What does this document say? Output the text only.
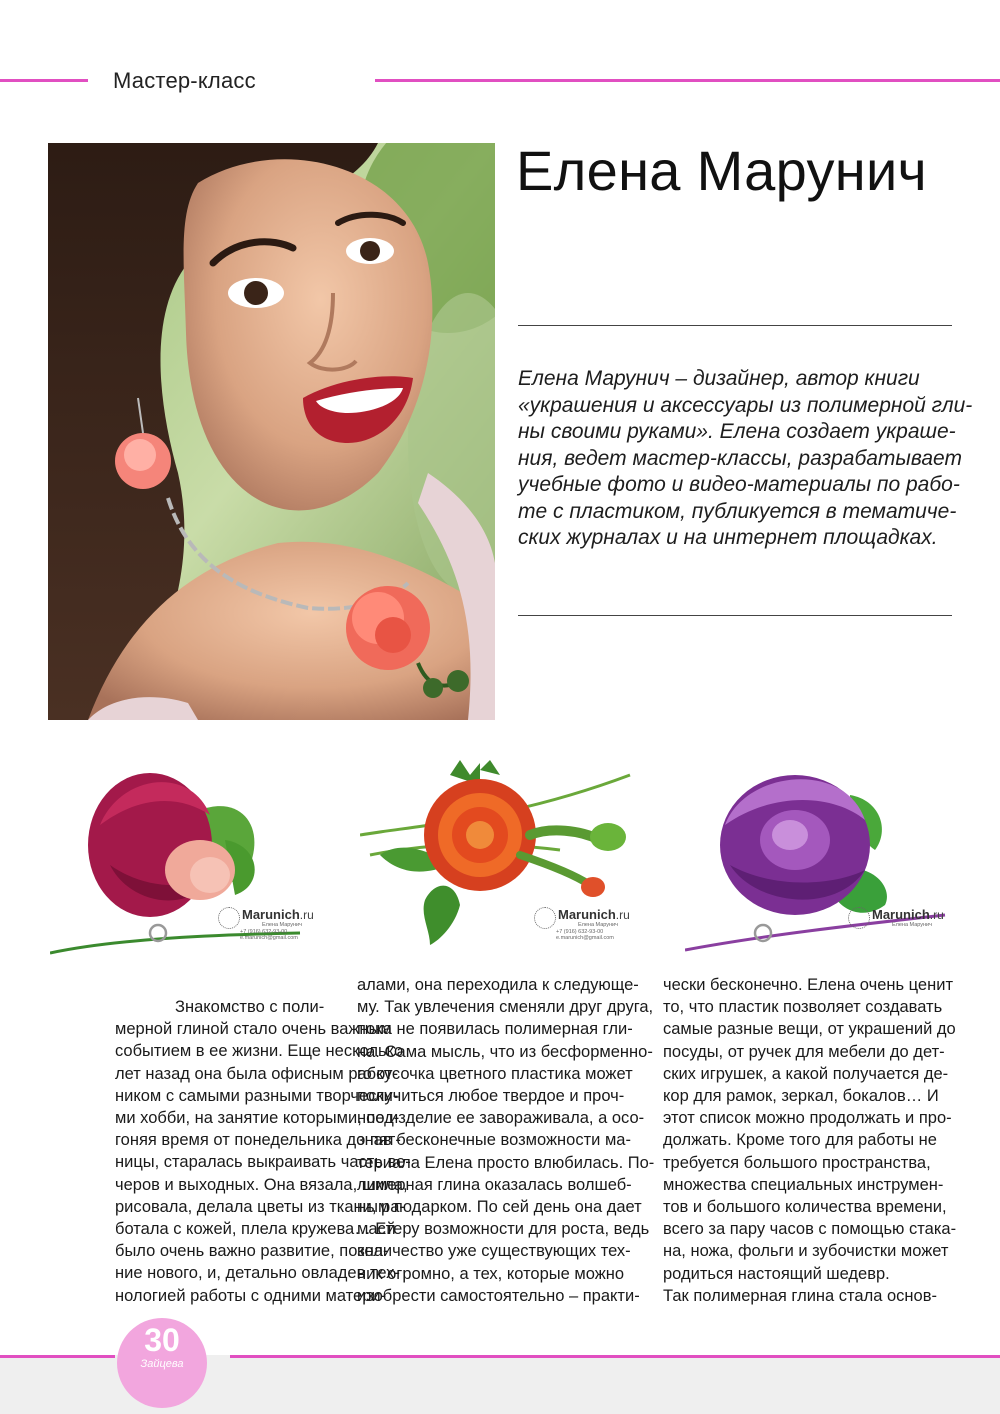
Мастер-класс
Елена Марунич
Елена Марунич – дизайнер, автор книги
«украшения и аксессуары из полимерной гли-
ны своими руками». Елена создает украше-
ния, ведет мастер-классы, разрабатывает
учебные фото и видео-материалы по рабо-
те с пластиком, публикуется в тематиче-
ских журналах и на интернет площадках.
Marunich.ru
Елена Марунич
+7 (916) 632-93-00
e.marunich@gmail.com
Marunich.ru
Елена Марунич
+7 (916) 632-93-00
e.marunich@gmail.com
Marunich.ru
Елена Марунич
Знакомство с поли-
мерной глиной стало очень важным
событием в ее жизни. Еще несколько
лет назад она была офисным работ-
ником с самыми разными творчески-
ми хобби, на занятие которыми, под-
гоняя время от понедельника до пят-
ницы, старалась выкраивать часть ве-
черов и выходных. Она вязала, шила,
рисовала, делала цветы из ткани, ра-
ботала с кожей, плела кружева… Ей
было очень важно развитие, позна-
ние нового, и, детально овладев тех-
нологией работы с одними матери-
алами, она переходила к следующе-
му. Так увлечения сменяли друг друга,
пока не появилась полимерная гли-
на. Сама мысль, что из бесформенно-
го кусочка цветного пластика может
получиться любое твердое и проч-
ное изделие ее завораживала, а осо-
знав бесконечные возможности ма-
териала Елена просто влюбилась. По-
лимерная глина оказалась волшеб-
ным подарком. По сей день она дает
мастеру возможности для роста, ведь
количество уже существующих тех-
ник огромно, а тех, которые можно
изобрести самостоятельно – практи-
чески бесконечно. Елена очень ценит
то, что пластик позволяет создавать
самые разные вещи, от украшений до
посуды, от ручек для мебели до дет-
ских игрушек, а какой получается де-
кор для рамок, зеркал, бокалов… И
этот список можно продолжать и про-
должать. Кроме того для работы не
требуется большого пространства,
множества специальных инструмен-
тов и большого количества времени,
всего за пару часов с помощью стака-
на, ножа, фольги и зубочистки может
родиться настоящий шедевр.
Так полимерная глина стала основ-
30
Зайцева
